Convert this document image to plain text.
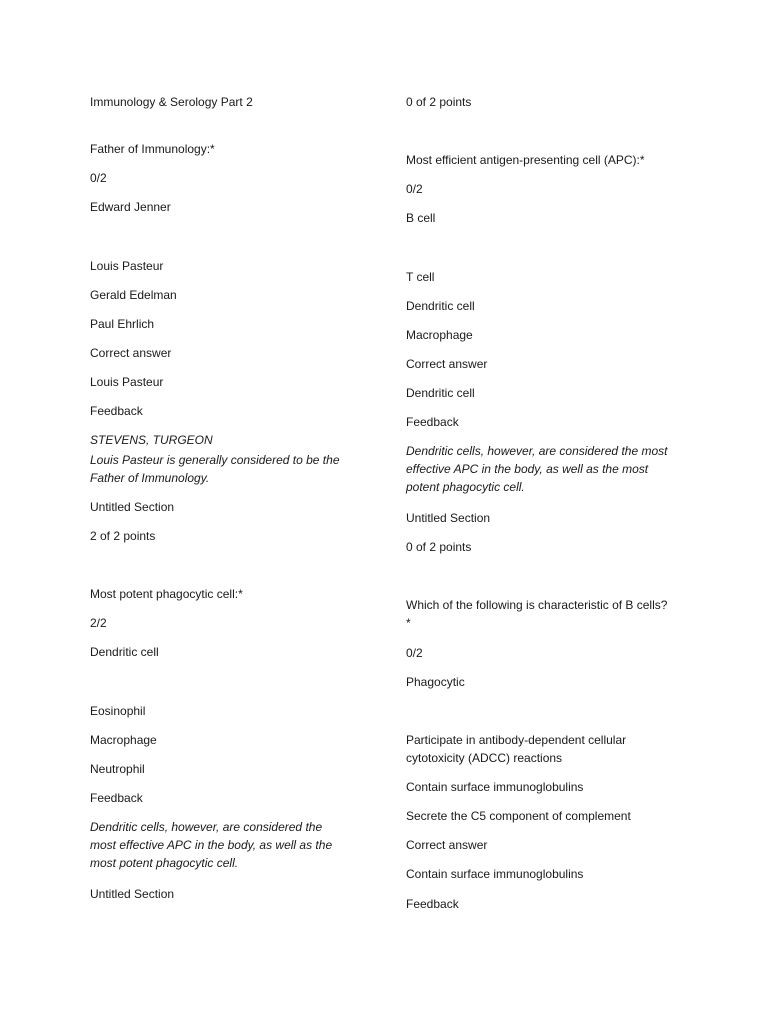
Immunology & Serology Part 2
Father of Immunology:*
0/2
Edward Jenner
Louis Pasteur
Gerald Edelman
Paul Ehrlich
Correct answer
Louis Pasteur
Feedback
STEVENS, TURGEON
Louis Pasteur is generally considered to be the Father of Immunology.
Untitled Section
2 of 2 points
Most potent phagocytic cell:*
2/2
Dendritic cell
Eosinophil
Macrophage
Neutrophil
Feedback
Dendritic cells, however, are considered the most effective APC in the body, as well as the most potent phagocytic cell.
Untitled Section
0 of 2 points
Most efficient antigen-presenting cell (APC):*
0/2
B cell
T cell
Dendritic cell
Macrophage
Correct answer
Dendritic cell
Feedback
Dendritic cells, however, are considered the most effective APC in the body, as well as the most potent phagocytic cell.
Untitled Section
0 of 2 points
Which of the following is characteristic of B cells?*
0/2
Phagocytic
Participate in antibody-dependent cellular cytotoxicity (ADCC) reactions
Contain surface immunoglobulins
Secrete the C5 component of complement
Correct answer
Contain surface immunoglobulins
Feedback
